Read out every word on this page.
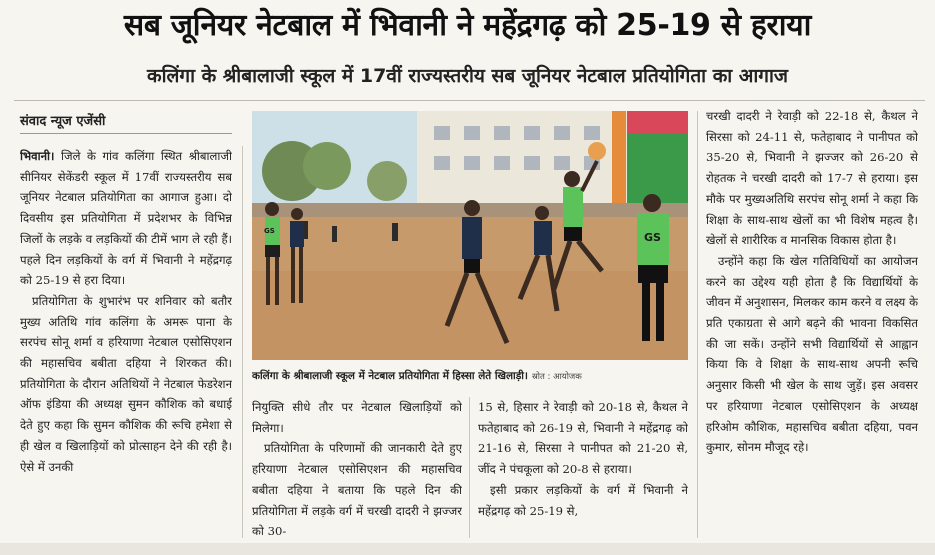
सब जूनियर नेटबाल में भिवानी ने महेंद्रगढ़ को 25-19 से हराया
कलिंगा के श्रीबालाजी स्कूल में 17वीं राज्यस्तरीय सब जूनियर नेटबाल प्रतियोगिता का आगाज
संवाद न्यूज एजेंसी

भिवानी। जिले के गांव कलिंगा स्थित श्रीबालाजी सीनियर सेकेंडरी स्कूल में 17वीं राज्यस्तरीय सब जूनियर नेटबाल प्रतियोगिता का आगाज हुआ। दो दिवसीय इस प्रतियोगिता में प्रदेशभर के विभिन्न जिलों के लड़के व लड़कियों की टीमें भाग ले रही हैं। पहले दिन लड़कियों के वर्ग में भिवानी ने महेंद्रगढ़ को 25-19 से हरा दिया।

प्रतियोगिता के शुभारंभ पर शनिवार को बतौर मुख्य अतिथि गांव कलिंगा के अमरू पाना के सरपंच सोनू शर्मा व हरियाणा नेटबाल एसोसिएशन की महासचिव बबीता दहिया ने शिरकत की। प्रतियोगिता के दौरान अतिथियों ने नेटबाल फेडरेशन ऑफ इंडिया की अध्यक्ष सुमन कौशिक को बधाई देते हुए कहा कि सुमन कौशिक की रूचि हमेशा से ही खेल व खिलाड़ियों को प्रोत्साहन देने की रही है। ऐसे में उनकी

GS
GS
कलिंगा के श्रीबालाजी स्कूल में नेटबाल प्रतियोगिता में हिस्सा लेते खिलाड़ी। स्रोत : आयोजक

नियुक्ति सीधे तौर पर नेटबाल खिलाड़ियों को मिलेगा।

प्रतियोगिता के परिणामों की जानकारी देते हुए हरियाणा नेटबाल एसोसिएशन की महासचिव बबीता दहिया ने बताया कि पहले दिन की प्रतियोगिता में लड़के वर्ग में चरखी दादरी ने झज्जर को 30-

15 से, हिसार ने रेवाड़ी को 20-18 से, कैथल ने फतेहाबाद को 26-19 से, भिवानी ने महेंद्रगढ़ को 21-16 से, सिरसा ने पानीपत को 21-20 से, जींद ने पंचकूला को 20-8 से हराया।

इसी प्रकार लड़कियों के वर्ग में भिवानी ने महेंद्रगढ़ को 25-19 से,

चरखी दादरी ने रेवाड़ी को 22-18 से, कैथल ने सिरसा को 24-11 से, फतेहाबाद ने पानीपत को 35-20 से, भिवानी ने झज्जर को 26-20 से रोहतक ने चरखी दादरी को 17-7 से हराया। इस मौके पर मुख्यअतिथि सरपंच सोनू शर्मा ने कहा कि शिक्षा के साथ-साथ खेलों का भी विशेष महत्व है। खेलों से शारीरिक व मानसिक विकास होता है।

उन्होंने कहा कि खेल गतिविधियों का आयोजन करने का उद्देश्य यही होता है कि विद्यार्थियों के जीवन में अनुशासन, मिलकर काम करने व लक्ष्य के प्रति एकाग्रता से आगे बढ़ने की भावना विकसित की जा सकें। उन्होंने सभी विद्यार्थियों से आह्वान किया कि वे शिक्षा के साथ-साथ अपनी रूचि अनुसार किसी भी खेल के साथ जुड़ें। इस अवसर पर हरियाणा नेटबाल एसोसिएशन के अध्यक्ष हरिओम कौशिक, महासचिव बबीता दहिया, पवन कुमार, सोनम मौजूद रहे।
